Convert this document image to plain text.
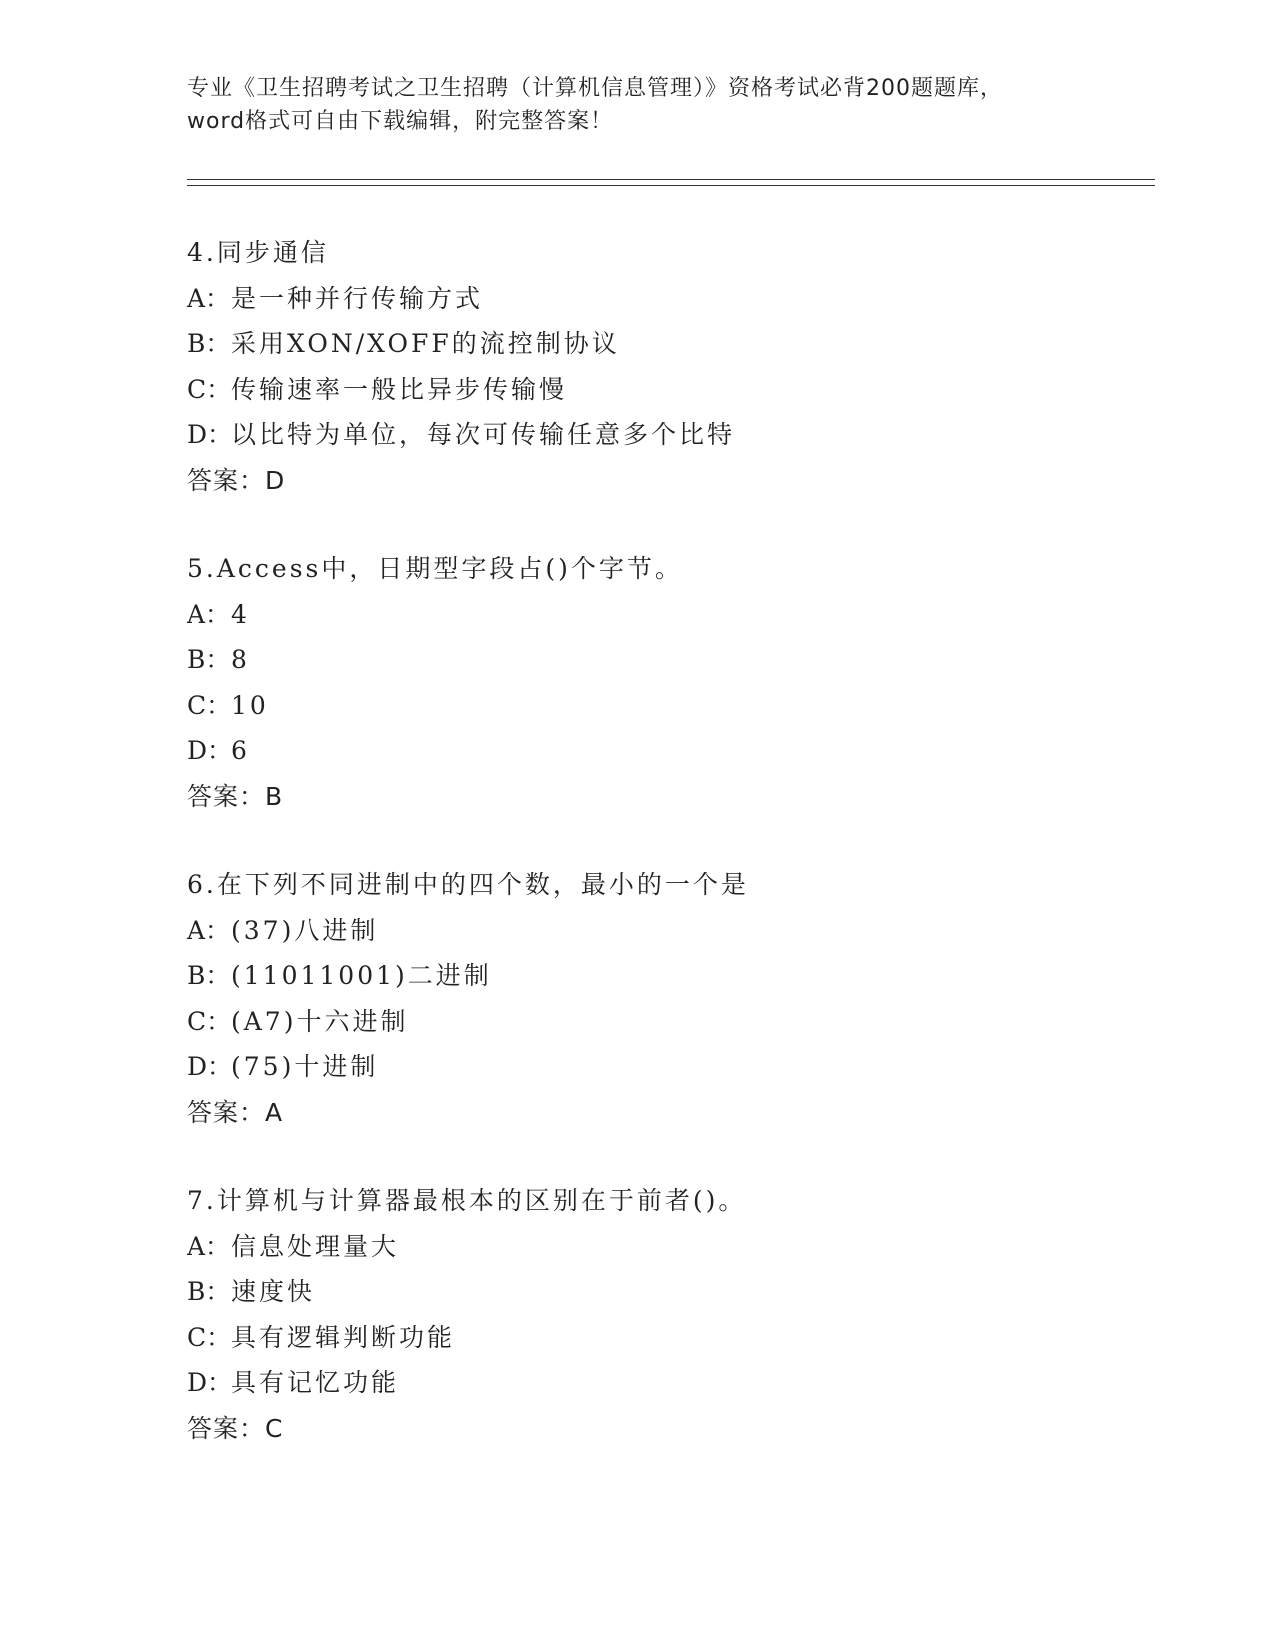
专业《卫生招聘考试之卫生招聘（计算机信息管理）》资格考试必背200题题库，
word格式可自由下载编辑，附完整答案！
4.同步通信
A：是一种并行传输方式
B：采用XON/XOFF的流控制协议
C：传输速率一般比异步传输慢
D：以比特为单位，每次可传输任意多个比特
答案：D
5.Access中，日期型字段占()个字节。
A：4
B：8
C：10
D：6
答案：B
6.在下列不同进制中的四个数，最小的一个是
A：(37)八进制
B：(11011001)二进制
C：(A7)十六进制
D：(75)十进制
答案：A
7.计算机与计算器最根本的区别在于前者()。
A：信息处理量大
B：速度快
C：具有逻辑判断功能
D：具有记忆功能
答案：C
